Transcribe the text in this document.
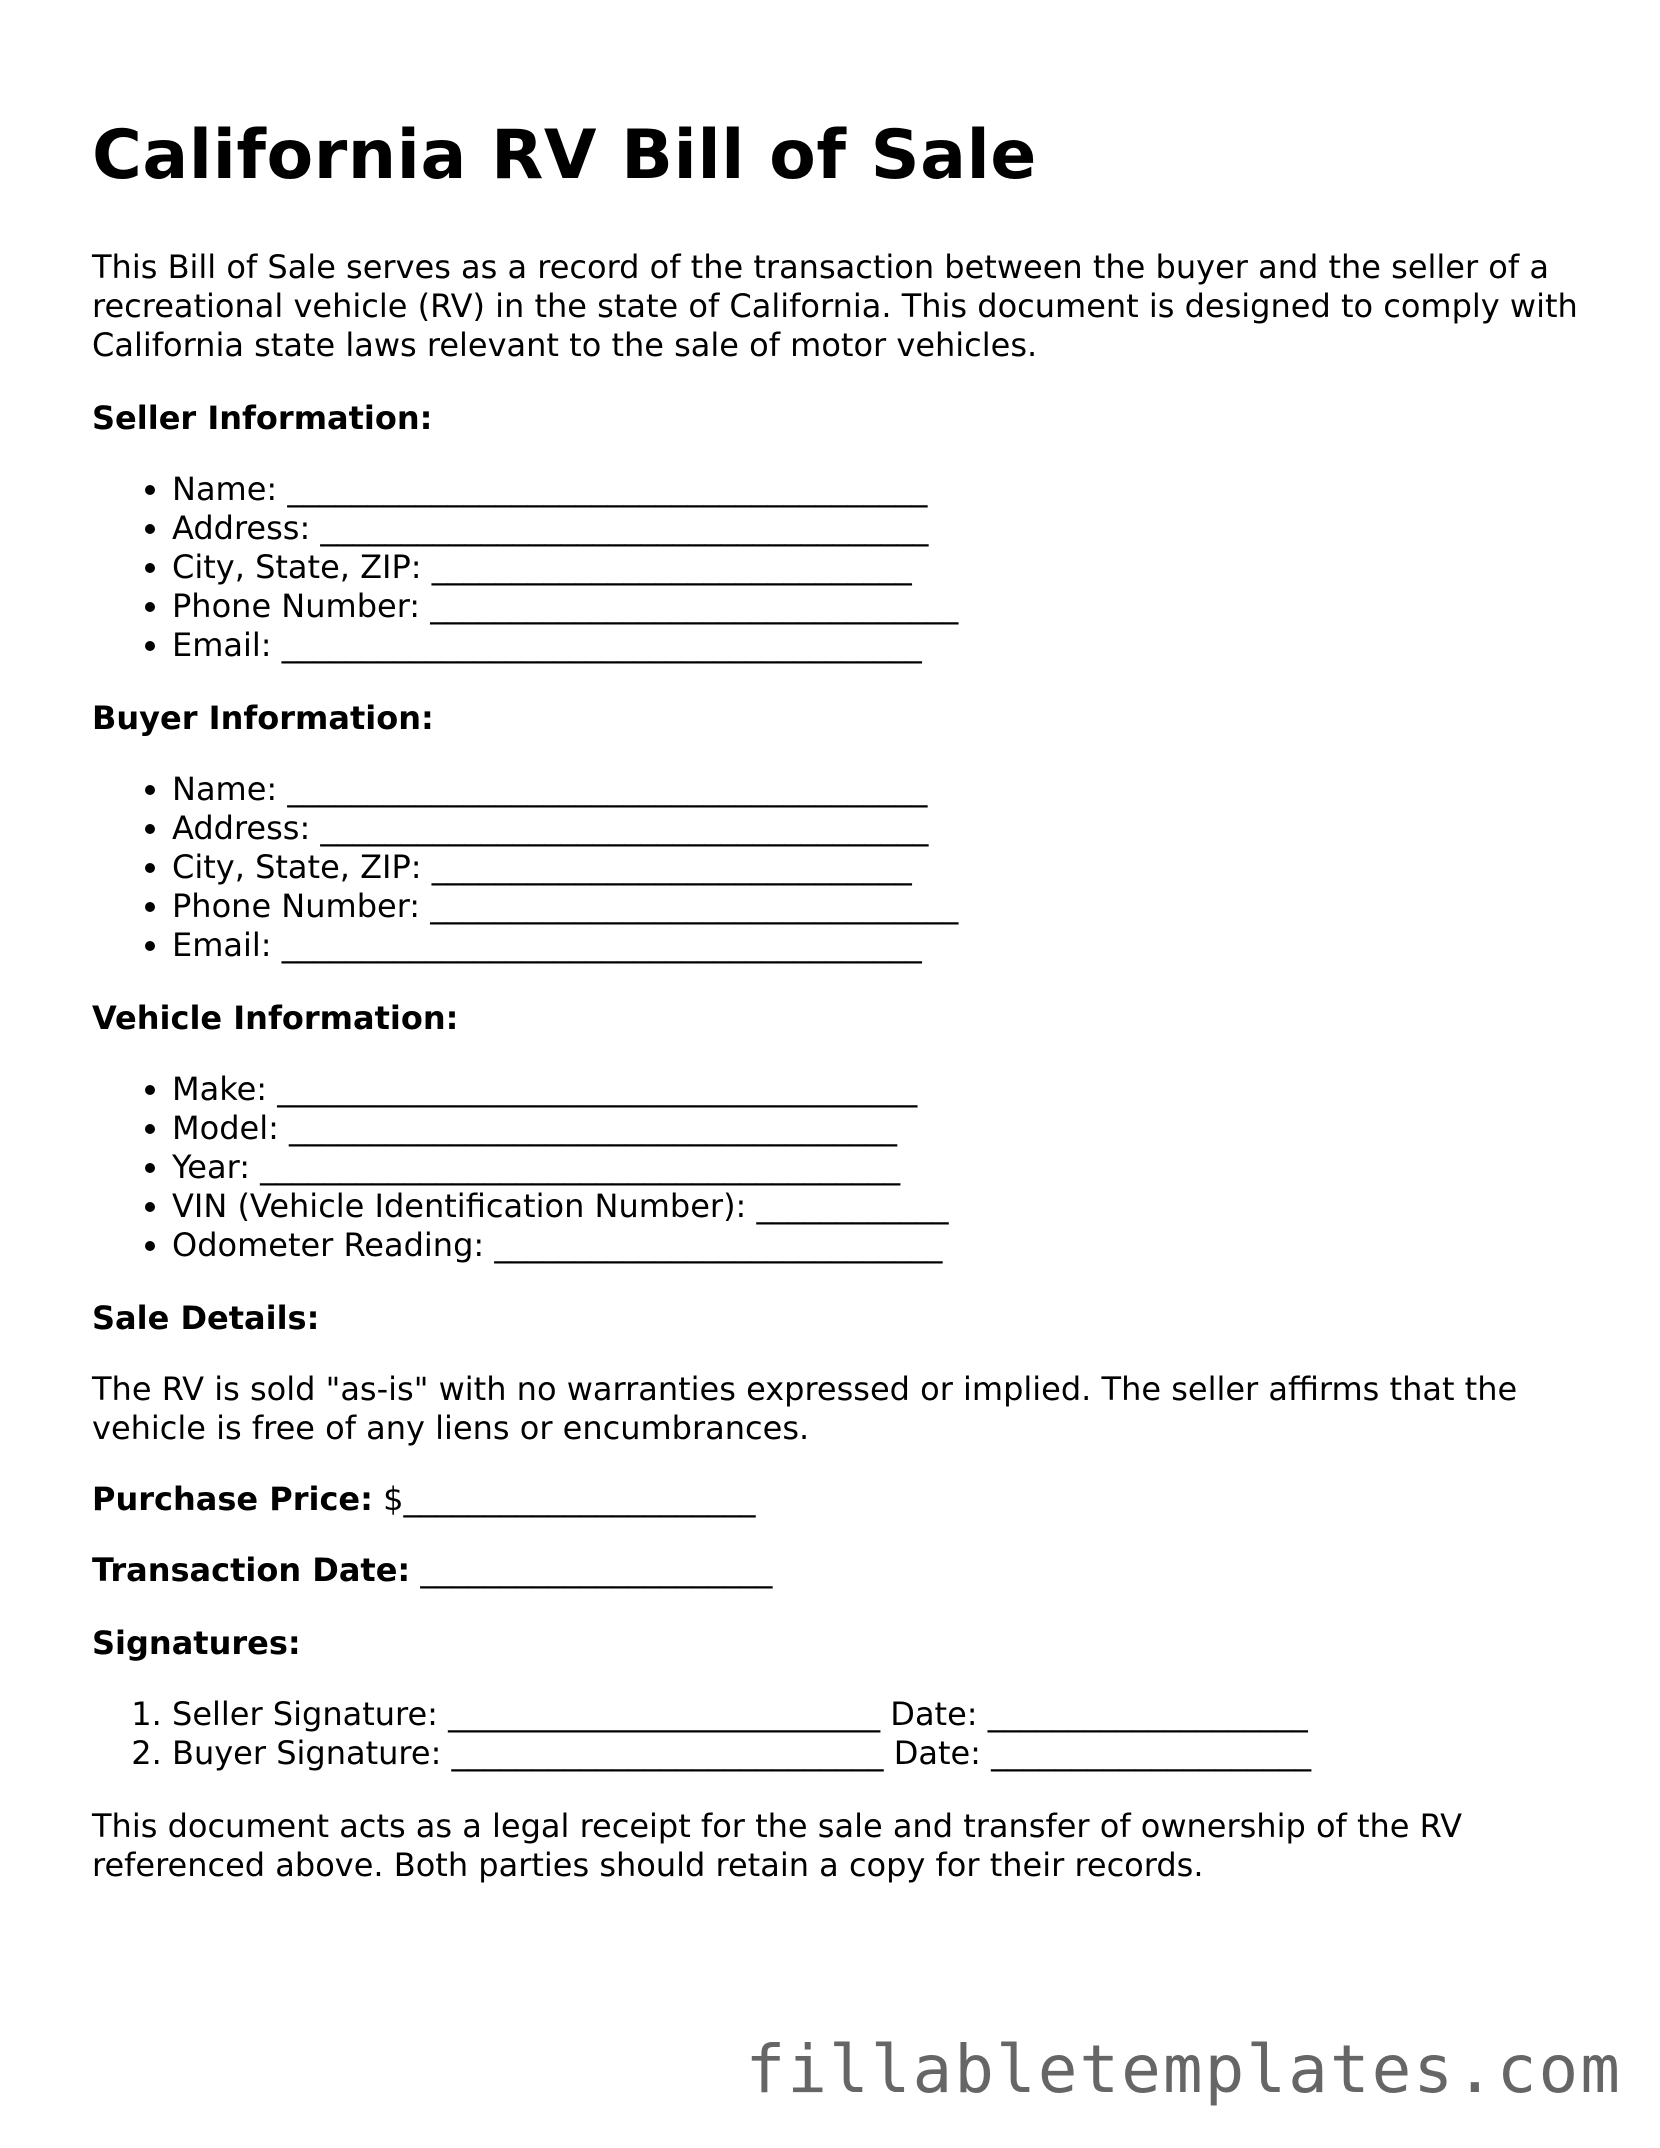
California RV Bill of Sale

This Bill of Sale serves as a record of the transaction between the buyer and the seller of a recreational vehicle (RV) in the state of California. This document is designed to comply with California state laws relevant to the sale of motor vehicles.

Seller Information:
• Name: ________________________________________
• Address: ______________________________________
• City, State, ZIP: ______________________________
• Phone Number: _________________________________
• Email: ________________________________________
Buyer Information:
• Name: ________________________________________
• Address: ______________________________________
• City, State, ZIP: ______________________________
• Phone Number: _________________________________
• Email: ________________________________________
Vehicle Information:
• Make: ________________________________________
• Model: ______________________________________
• Year: ________________________________________
• VIN (Vehicle Identification Number): ____________
• Odometer Reading: ____________________________
Sale Details:

The RV is sold "as-is" with no warranties expressed or implied. The seller affirms that the vehicle is free of any liens or encumbrances.

Purchase Price: $______________________

Transaction Date: ______________________

Signatures:
1. Seller Signature: ___________________________ Date: ____________________
2. Buyer Signature: ___________________________ Date: ____________________

This document acts as a legal receipt for the sale and transfer of ownership of the RV referenced above. Both parties should retain a copy for their records.

fillabletemplates.com
